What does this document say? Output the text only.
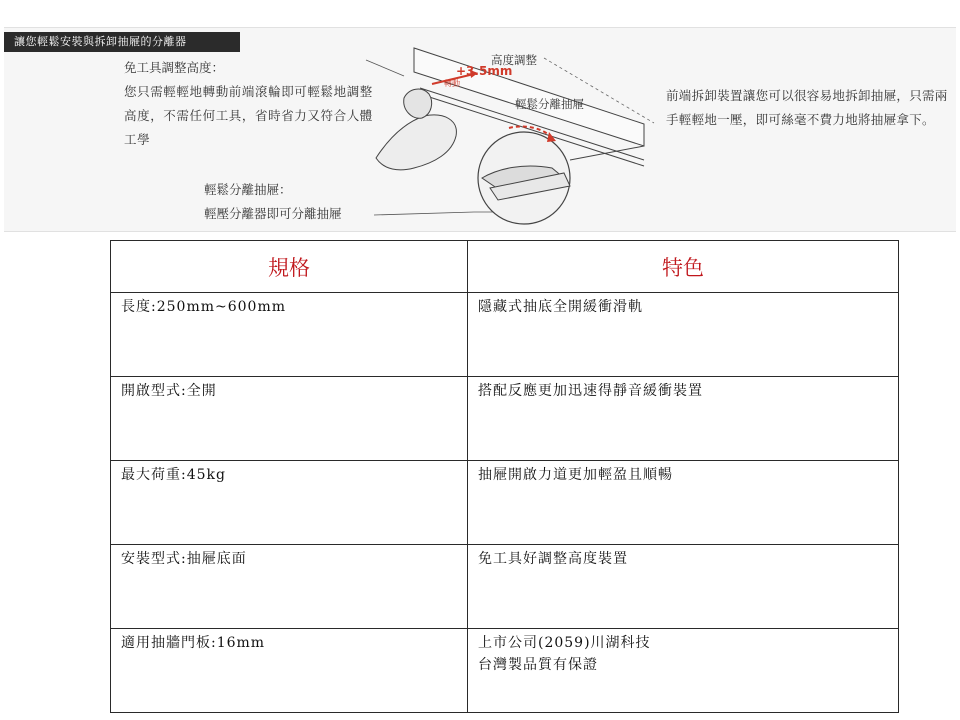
讓您輕鬆安裝與拆卸抽屜的分離器
免工具調整高度：
您只需輕輕地轉動前端滾輪即可輕鬆地調整高度，不需任何工具，省時省力又符合人體工學
輕鬆分離抽屜：
輕壓分離器即可分離抽屜
前端拆卸裝置讓您可以很容易地拆卸抽屜，只需兩手輕輕地一壓，即可絲毫不費力地將抽屜拿下。
高度調整
+3.5mm
轉動
輕鬆分離抽屜
規格	特色
長度:250mm~600mm	隱藏式抽底全開緩衝滑軌
開啟型式:全開	搭配反應更加迅速得靜音緩衝裝置
最大荷重:45kg	抽屜開啟力道更加輕盈且順暢
安裝型式:抽屜底面	免工具好調整高度裝置
適用抽牆門板:16mm	上市公司(2059)川湖科技
台灣製品質有保證
